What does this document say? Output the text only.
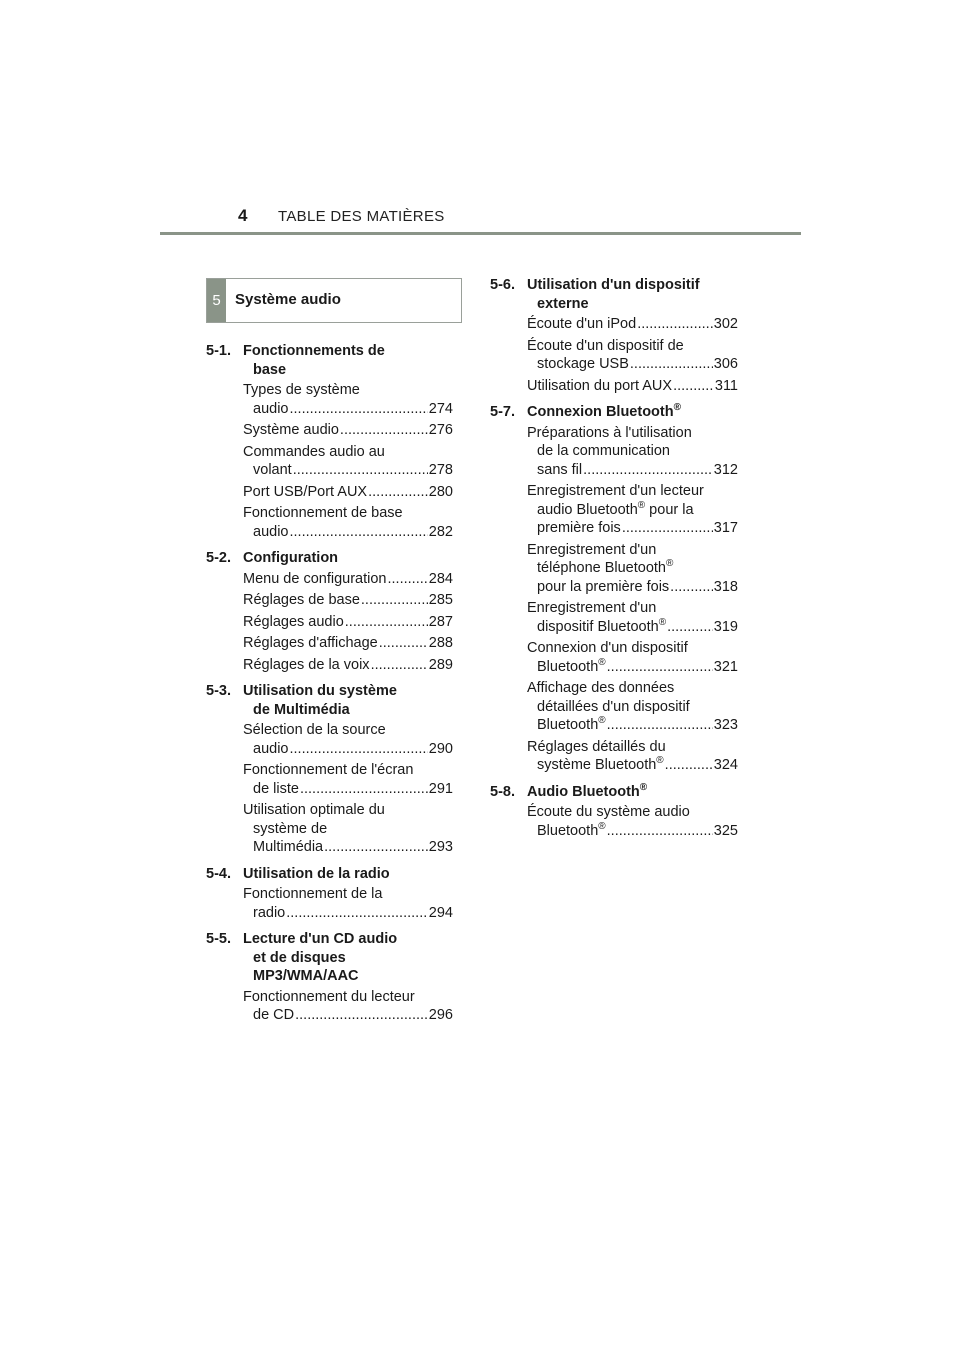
4 TABLE DES MATIÈRES
5 Système audio
5-1. Fonctionnements de
base
Types de système
audio .....	274
Système audio .....	276
Commandes audio au
volant .....	278
Port USB/Port AUX .....	280
Fonctionnement de base
audio .....	282
5-2. Configuration
Menu de configuration .....	284
Réglages de base .....	285
Réglages audio .....	287
Réglages d'affichage .....	288
Réglages de la voix .....	289
5-3. Utilisation du système
de Multimédia
Sélection de la source
audio .....	290
Fonctionnement de l'écran
de liste .....	291
Utilisation optimale du
système de
Multimédia .....	293
5-4. Utilisation de la radio
Fonctionnement de la
radio .....	294
5-5. Lecture d'un CD audio
et de disques
MP3/WMA/AAC
Fonctionnement du lecteur
de CD .....	296
5-6. Utilisation d'un dispositif
externe
Écoute d'un iPod .....	302
Écoute d'un dispositif de
stockage USB .....	306
Utilisation du port AUX .....	311
5-7. Connexion Bluetooth®
Préparations à l'utilisation
de la communication
sans fil .....	312
Enregistrement d'un lecteur
audio Bluetooth® pour la
première fois .....	317
Enregistrement d'un
téléphone Bluetooth®
pour la première fois .....	318
Enregistrement d'un
dispositif Bluetooth® .....	319
Connexion d'un dispositif
Bluetooth® .....	321
Affichage des données
détaillées d'un dispositif
Bluetooth® .....	323
Réglages détaillés du
système Bluetooth® .....	324
5-8. Audio Bluetooth®
Écoute du système audio
Bluetooth® .....	325
